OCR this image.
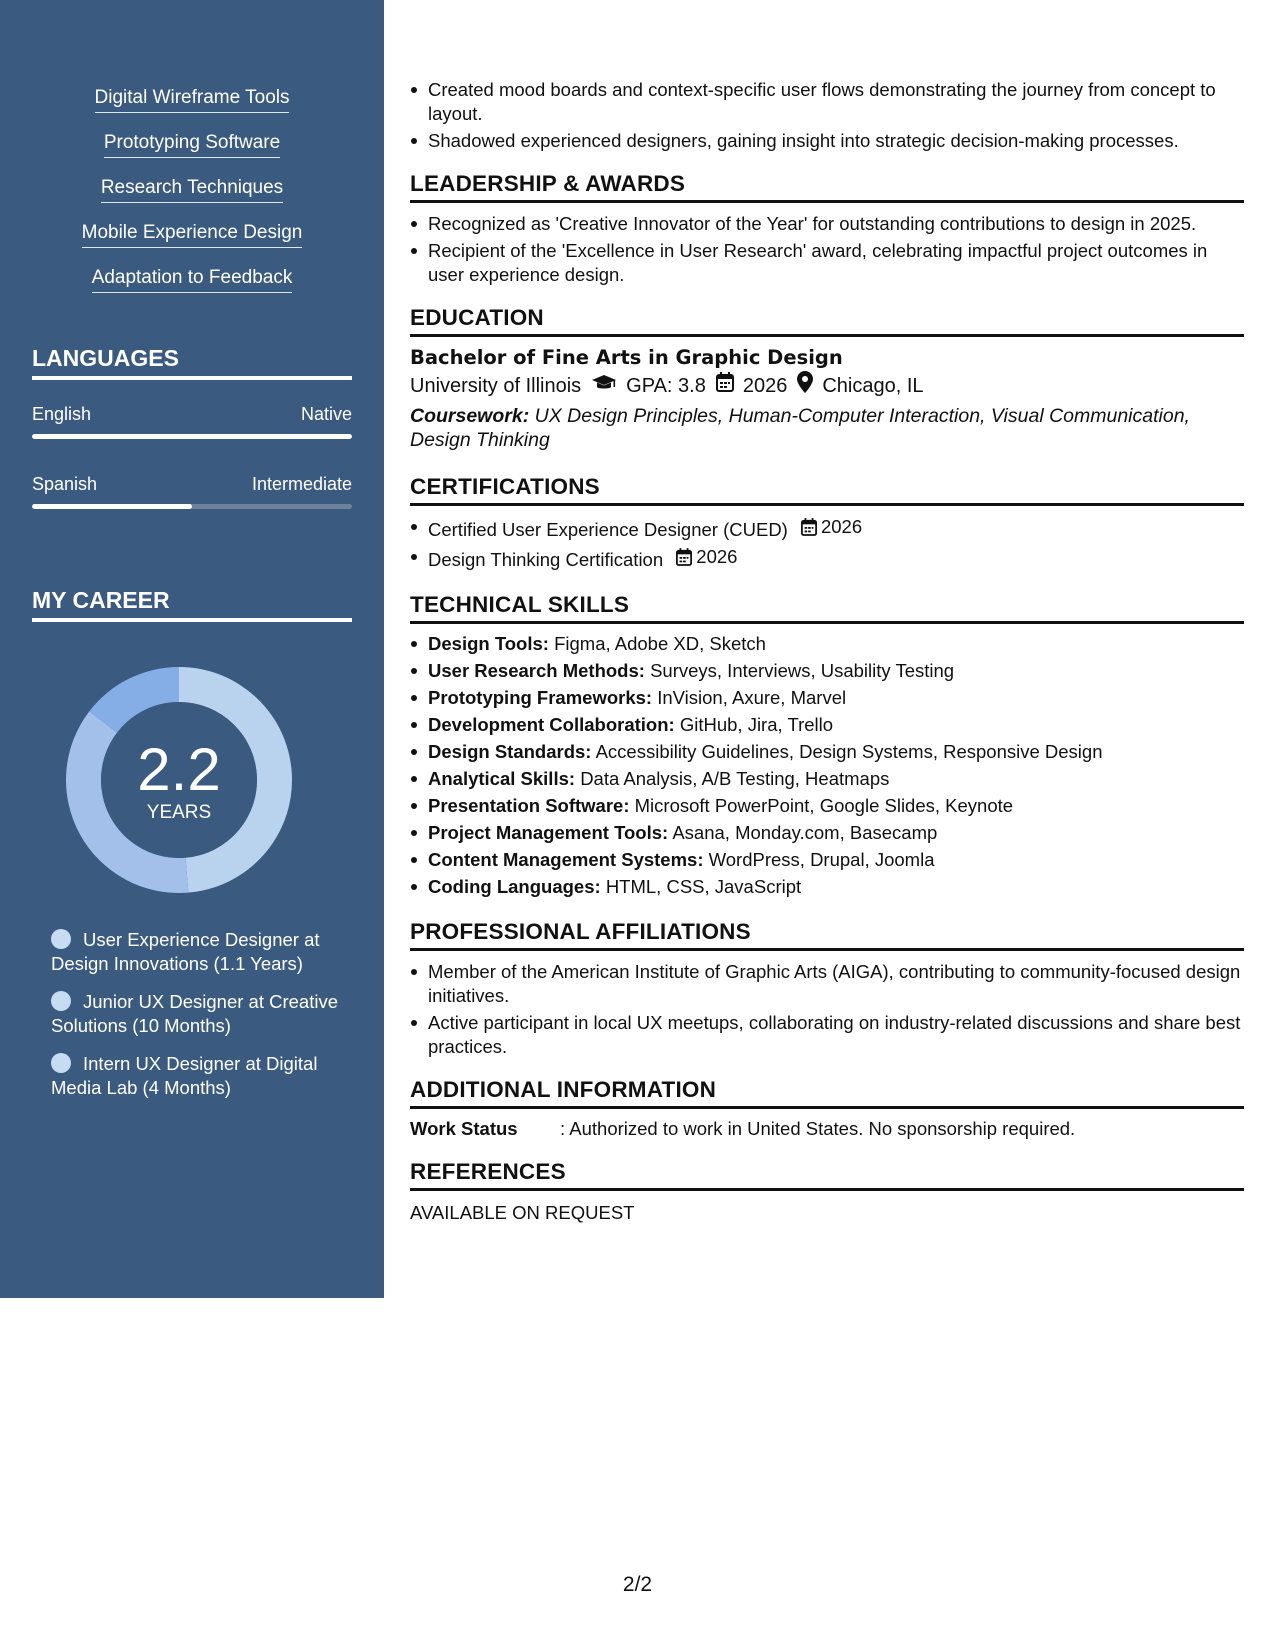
Digital Wireframe Tools
Prototyping Software
Research Techniques
Mobile Experience Design
Adaptation to Feedback
LANGUAGES
English	Native
Spanish	Intermediate
MY CAREER
2.2
YEARS
User Experience Designer at Design Innovations (1.1 Years)
Junior UX Designer at Creative Solutions (10 Months)
Intern UX Designer at Digital Media Lab (4 Months)
Created mood boards and context-specific user flows demonstrating the journey from concept to layout.
Shadowed experienced designers, gaining insight into strategic decision-making processes.
LEADERSHIP & AWARDS
Recognized as 'Creative Innovator of the Year' for outstanding contributions to design in 2025.
Recipient of the 'Excellence in User Research' award, celebrating impactful project outcomes in user experience design.
EDUCATION
Bachelor of Fine Arts in Graphic Design
University of Illinois GPA: 3.8 2026 Chicago, IL
Coursework: UX Design Principles, Human-Computer Interaction, Visual Communication, Design Thinking
CERTIFICATIONS
Certified User Experience Designer (CUED) 2026
Design Thinking Certification 2026
TECHNICAL SKILLS
Design Tools: Figma, Adobe XD, Sketch
User Research Methods: Surveys, Interviews, Usability Testing
Prototyping Frameworks: InVision, Axure, Marvel
Development Collaboration: GitHub, Jira, Trello
Design Standards: Accessibility Guidelines, Design Systems, Responsive Design
Analytical Skills: Data Analysis, A/B Testing, Heatmaps
Presentation Software: Microsoft PowerPoint, Google Slides, Keynote
Project Management Tools: Asana, Monday.com, Basecamp
Content Management Systems: WordPress, Drupal, Joomla
Coding Languages: HTML, CSS, JavaScript
PROFESSIONAL AFFILIATIONS
Member of the American Institute of Graphic Arts (AIGA), contributing to community-focused design initiatives.
Active participant in local UX meetups, collaborating on industry-related discussions and share best practices.
ADDITIONAL INFORMATION
Work Status	: Authorized to work in United States. No sponsorship required.
REFERENCES
AVAILABLE ON REQUEST
2/2
